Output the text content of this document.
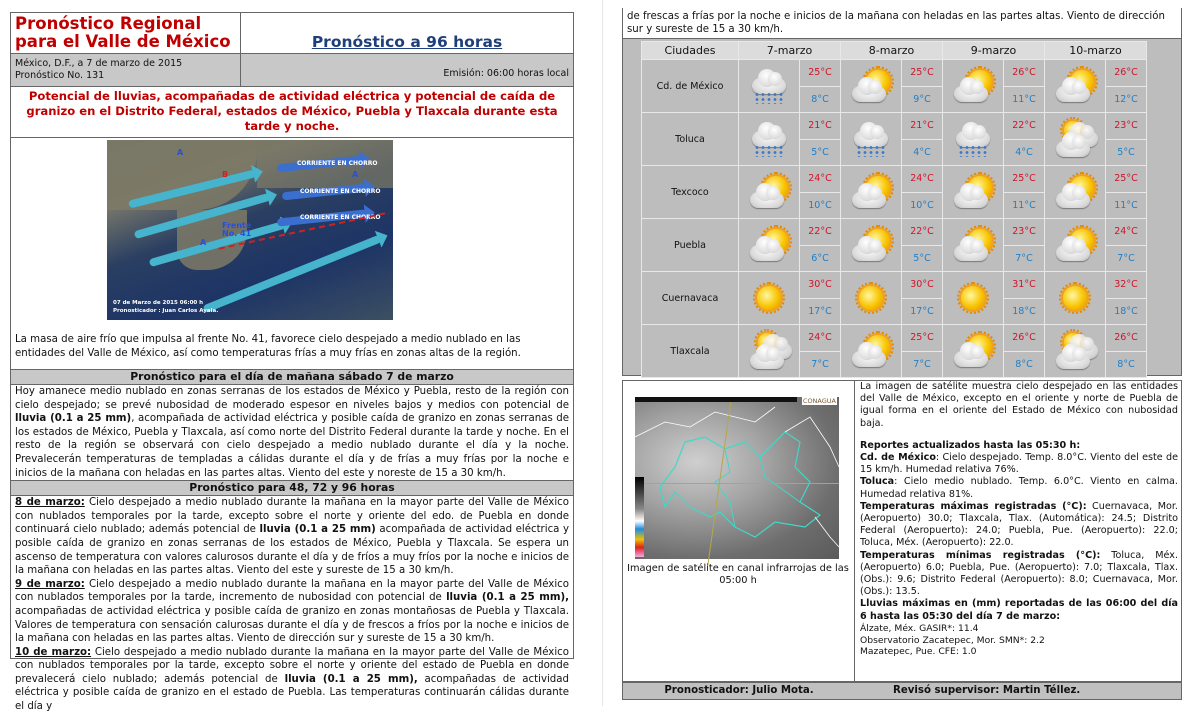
Pronóstico Regional para el Valle de México	Pronóstico a 96 horas
México, D.F., a 7 de marzo de 2015
Pronóstico No. 131	Emisión: 06:00 horas local
Potencial de lluvias, acompañadas de actividad eléctrica y potencial de caída de granizo en el Distrito Federal, estados de México, Puebla y Tlaxcala durante esta tarde y noche.
CORRIENTE EN CHORRO
CORRIENTE EN CHORRO
CORRIENTE EN CHORRO
Frente No. 41
A
A
A
B
07 de Marzo de 2015 06:00 h
Pronosticador : Juan Carlos Ayala.
La masa de aire frío que impulsa al frente No. 41, favorece cielo despejado a medio nublado en las entidades del Valle de México, así como temperaturas frías a muy frías en zonas altas de la región.
Pronóstico para el día de mañana sábado 7 de marzo
Hoy amanece medio nublado en zonas serranas de los estados de México y Puebla, resto de la región con cielo despejado; se prevé nubosidad de moderado espesor en niveles bajos y medios con potencial de lluvia (0.1 a 25 mm), acompañada de actividad eléctrica y posible caída de granizo en zonas serranas de los estados de México, Puebla y Tlaxcala, así como norte del Distrito Federal durante la tarde y noche. En el resto de la región se observará con cielo despejado a medio nublado durante el día y la noche. Prevalecerán temperaturas de templadas a cálidas durante el día y de frías a muy frías por la noche e inicios de la mañana con heladas en las partes altas. Viento del este y noreste de 15 a 30 km/h.
Pronóstico para 48, 72 y 96 horas
8 de marzo: Cielo despejado a medio nublado durante la mañana en la mayor parte del Valle de México con nublados temporales por la tarde, excepto sobre el norte y oriente del edo. de Puebla en donde continuará cielo nublado; además potencial de lluvia (0.1 a 25 mm) acompañada de actividad eléctrica y posible caída de granizo en zonas serranas de los estados de México, Puebla y Tlaxcala. Se espera un ascenso de temperatura con valores calurosos durante el día y de fríos a muy fríos por la noche e inicios de la mañana con heladas en las partes altas. Viento del este y sureste de 15 a 30 km/h.
9 de marzo: Cielo despejado a medio nublado durante la mañana en la mayor parte del Valle de México con nublados temporales por la tarde, incremento de nubosidad con potencial de lluvia (0.1 a 25 mm), acompañadas de actividad eléctrica y posible caída de granizo en zonas montañosas de Puebla y Tlaxcala. Valores de temperatura con sensación calurosas durante el día y de frescos a fríos por la noche e inicios de la mañana con heladas en las partes altas. Viento de dirección sur y sureste de 15 a 30 km/h.
10 de marzo: Cielo despejado a medio nublado durante la mañana en la mayor parte del Valle de México con nublados temporales por la tarde, excepto sobre el norte y oriente del estado de Puebla en donde prevalecerá cielo nublado; además potencial de lluvia (0.1 a 25 mm), acompañadas de actividad eléctrica y posible caída de granizo en el estado de Puebla. Las temperaturas continuarán cálidas durante el día y
de frescas a frías por la noche e inicios de la mañana con heladas en las partes altas. Viento de dirección sur y sureste de 15 a 30 km/h.
Ciudades	7-marzo		8-marzo		9-marzo		10-marzo	
Cd. de México		25°C		25°C		26°C		26°C
		8°C		9°C		11°C		12°C
Toluca		21°C		21°C		22°C		23°C
		5°C		4°C		4°C		5°C
Texcoco		24°C		24°C		25°C		25°C
		10°C		10°C		11°C		11°C
Puebla		22°C		22°C		23°C		24°C
		6°C		5°C		7°C		7°C
Cuernavaca		30°C		30°C		31°C		32°C
		17°C		17°C		18°C		18°C
Tlaxcala		24°C		25°C		26°C		26°C
		7°C		7°C		8°C		8°C
CONAGUA
Imagen de satélite en canal infrarrojas de las 05:00 h
La imagen de satélite muestra cielo despejado en las entidades del Valle de México, excepto en el oriente y norte de Puebla de igual forma en el oriente del Estado de México con nubosidad baja.
Reportes actualizados hasta las 05:30 h:
Cd. de México: Cielo despejado. Temp. 8.0°C. Viento del este de 15 km/h. Humedad relativa 76%.
Toluca: Cielo medio nublado. Temp. 6.0°C. Viento en calma. Humedad relativa 81%.
Temperaturas máximas registradas (°C): Cuernavaca, Mor. (Aeropuerto) 30.0; Tlaxcala, Tlax. (Automática): 24.5; Distrito Federal (Aeropuerto): 24.0; Puebla, Pue. (Aeropuerto): 22.0; Toluca, Méx. (Aeropuerto): 22.0.
Temperaturas mínimas registradas (°C): Toluca, Méx. (Aeropuerto) 6.0; Puebla, Pue. (Aeropuerto): 7.0; Tlaxcala, Tlax. (Obs.): 9.6; Distrito Federal (Aeropuerto): 8.0; Cuernavaca, Mor. (Obs.): 13.5.
Lluvias máximas en (mm) reportadas de las 06:00 del día 6 hasta las 05:30 del día 7 de marzo:
Álzate, Méx. GASIR*: 11.4
Observatorio Zacatepec, Mor. SMN*: 2.2
Mazatepec, Pue. CFE: 1.0
Pronosticador: Julio Mota.	Revisó supervisor: Martin Téllez.
